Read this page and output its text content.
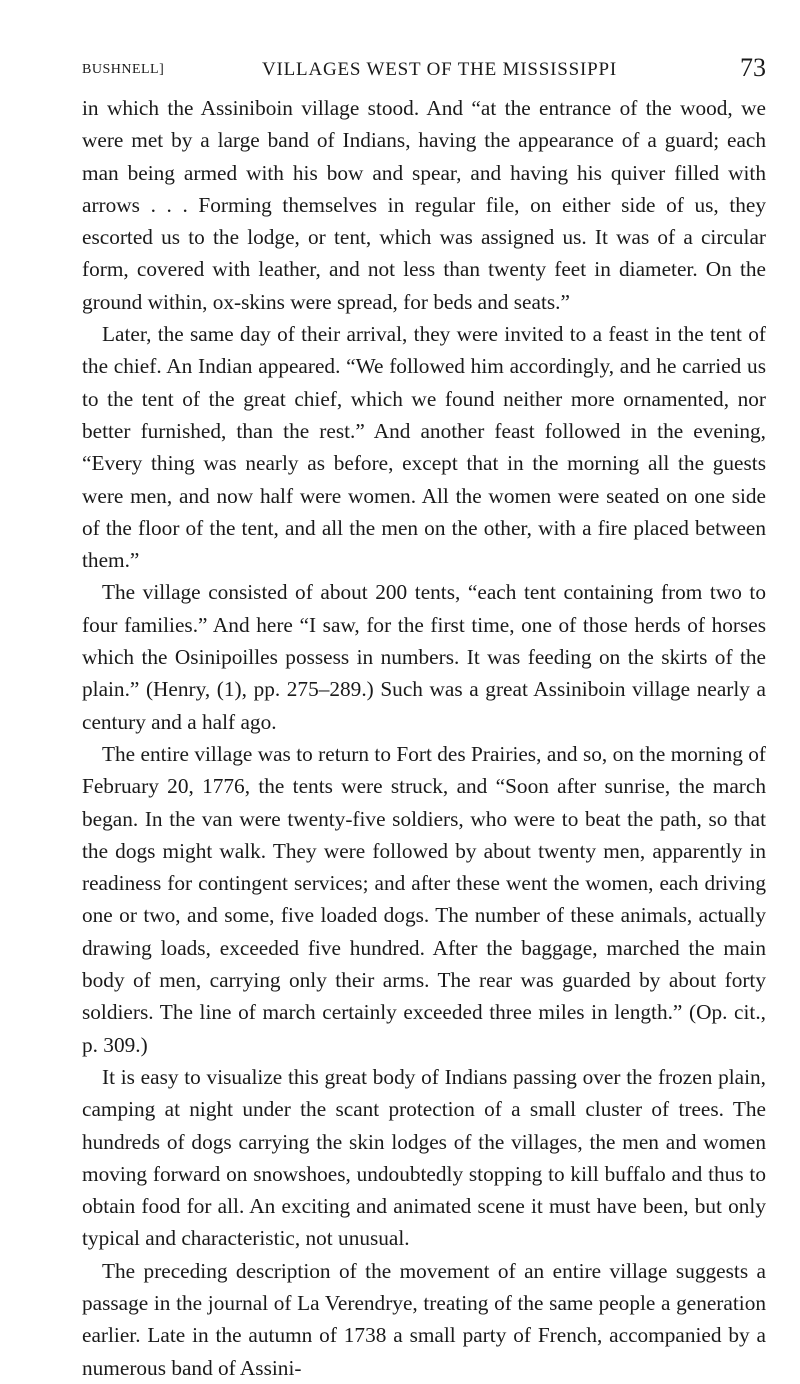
BUSHNELL]	VILLAGES WEST OF THE MISSISSIPPI	73

in which the Assiniboin village stood. And “at the entrance of the wood, we were met by a large band of Indians, having the appearance of a guard; each man being armed with his bow and spear, and having his quiver filled with arrows . . . Forming themselves in regular file, on either side of us, they escorted us to the lodge, or tent, which was assigned us. It was of a circular form, covered with leather, and not less than twenty feet in diameter. On the ground within, ox-skins were spread, for beds and seats.”

Later, the same day of their arrival, they were invited to a feast in the tent of the chief. An Indian appeared. “We followed him accordingly, and he carried us to the tent of the great chief, which we found neither more ornamented, nor better furnished, than the rest.” And another feast followed in the evening, “Every thing was nearly as before, except that in the morning all the guests were men, and now half were women. All the women were seated on one side of the floor of the tent, and all the men on the other, with a fire placed between them.”

The village consisted of about 200 tents, “each tent containing from two to four families.” And here “I saw, for the first time, one of those herds of horses which the Osinipoilles possess in numbers. It was feeding on the skirts of the plain.” (Henry, (1), pp. 275–289.) Such was a great Assiniboin village nearly a century and a half ago.

The entire village was to return to Fort des Prairies, and so, on the morning of February 20, 1776, the tents were struck, and “Soon after sunrise, the march began. In the van were twenty-five soldiers, who were to beat the path, so that the dogs might walk. They were followed by about twenty men, apparently in readiness for contingent services; and after these went the women, each driving one or two, and some, five loaded dogs. The number of these animals, actually drawing loads, exceeded five hundred. After the baggage, marched the main body of men, carrying only their arms. The rear was guarded by about forty soldiers. The line of march certainly exceeded three miles in length.” (Op. cit., p. 309.)

It is easy to visualize this great body of Indians passing over the frozen plain, camping at night under the scant protection of a small cluster of trees. The hundreds of dogs carrying the skin lodges of the villages, the men and women moving forward on snowshoes, undoubtedly stopping to kill buffalo and thus to obtain food for all. An exciting and animated scene it must have been, but only typical and characteristic, not unusual.

The preceding description of the movement of an entire village suggests a passage in the journal of La Verendrye, treating of the same people a generation earlier. Late in the autumn of 1738 a small party of French, accompanied by a numerous band of Assini-
